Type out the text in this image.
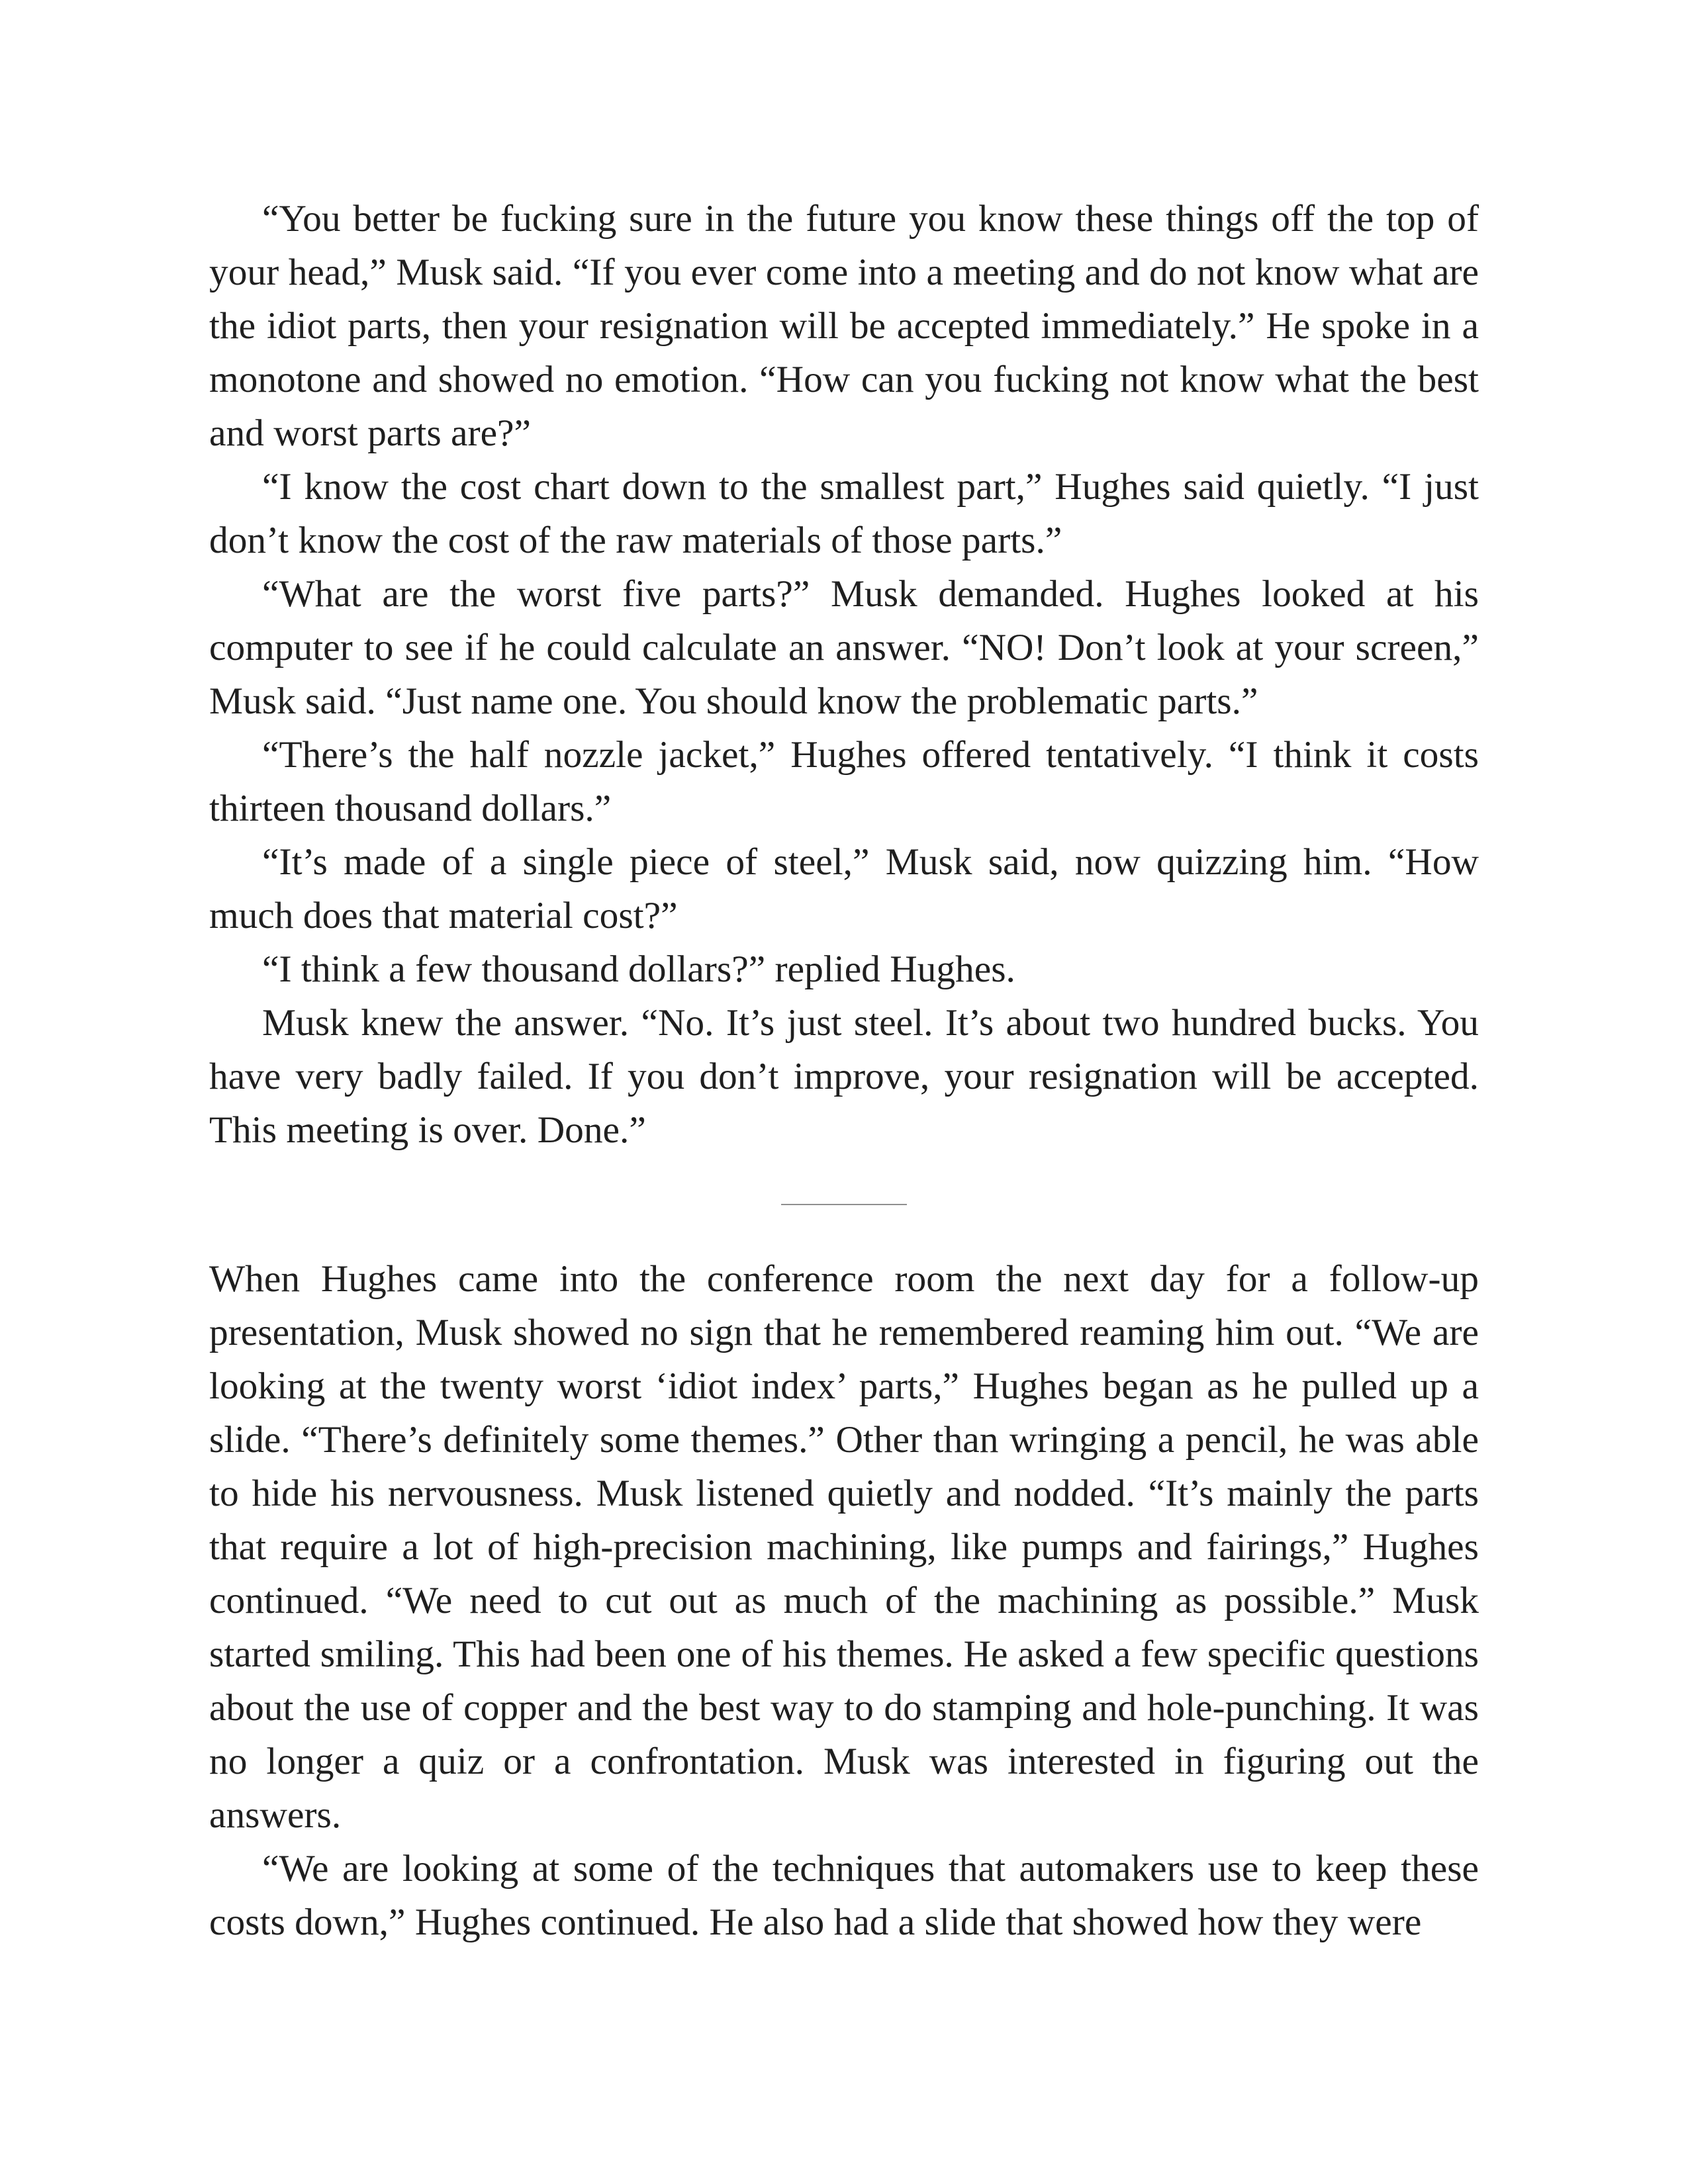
“You better be fucking sure in the future you know these things off the top of your head,” Musk said. “If you ever come into a meeting and do not know what are the idiot parts, then your resignation will be accepted immediately.” He spoke in a monotone and showed no emotion. “How can you fucking not know what the best and worst parts are?”

“I know the cost chart down to the smallest part,” Hughes said quietly. “I just don’t know the cost of the raw materials of those parts.”

“What are the worst five parts?” Musk demanded. Hughes looked at his computer to see if he could calculate an answer. “NO! Don’t look at your screen,” Musk said. “Just name one. You should know the problematic parts.”

“There’s the half nozzle jacket,” Hughes offered tentatively. “I think it costs thirteen thousand dollars.”

“It’s made of a single piece of steel,” Musk said, now quizzing him. “How much does that material cost?”

“I think a few thousand dollars?” replied Hughes.

Musk knew the answer. “No. It’s just steel. It’s about two hundred bucks. You have very badly failed. If you don’t improve, your resignation will be accepted. This meeting is over. Done.”

When Hughes came into the conference room the next day for a follow-up presentation, Musk showed no sign that he remembered reaming him out. “We are looking at the twenty worst ‘idiot index’ parts,” Hughes began as he pulled up a slide. “There’s definitely some themes.” Other than wringing a pencil, he was able to hide his nervousness. Musk listened quietly and nodded. “It’s mainly the parts that require a lot of high-precision machining, like pumps and fairings,” Hughes continued. “We need to cut out as much of the machining as possible.” Musk started smiling. This had been one of his themes. He asked a few specific questions about the use of copper and the best way to do stamping and hole-punching. It was no longer a quiz or a confrontation. Musk was interested in figuring out the answers.

“We are looking at some of the techniques that automakers use to keep these costs down,” Hughes continued. He also had a slide that showed how they were
